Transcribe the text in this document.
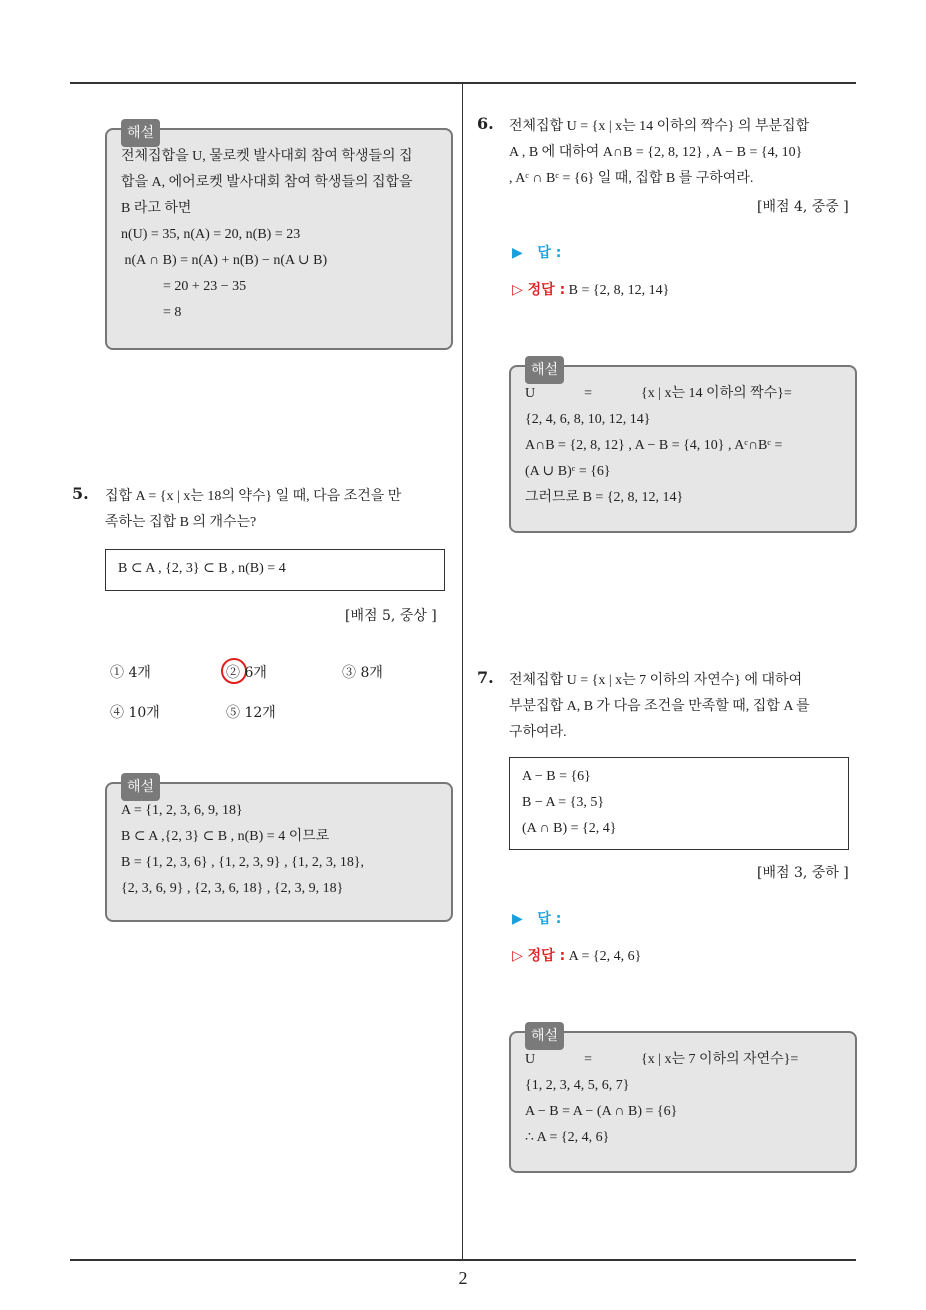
해설
전체집합을 U, 물로켓 발사대회 참여 학생들의 집
합을 A, 에어로켓 발사대회 참여 학생들의 집합을
B 라고 하면
n(U) = 35, n(A) = 20, n(B) = 23
n(A ∩ B) = n(A) + n(B) − n(A ∪ B)
= 20 + 23 − 35
= 8
5. 집합 A = {x | x는 18의 약수} 일 때, 다음 조건을 만
족하는 집합 B 의 개수는?
B ⊂ A , {2, 3} ⊂ B , n(B) = 4
[배점 5, 중상 ]
① 4개	② 6개	③ 8개
④ 10개	⑤ 12개
해설
A = {1, 2, 3, 6, 9, 18}
B ⊂ A ,{2, 3} ⊂ B , n(B) = 4 이므로
B = {1, 2, 3, 6} , {1, 2, 3, 9} , {1, 2, 3, 18},
{2, 3, 6, 9} , {2, 3, 6, 18} , {2, 3, 9, 18}
6. 전체집합 U = {x | x는 14 이하의 짝수} 의 부분집합
A , B 에 대하여 A∩B = {2, 8, 12} , A − B = {4, 10}
, Aᶜ ∩ Bᶜ = {6} 일 때, 집합 B 를 구하여라.
[배점 4, 중중 ]
▶   답 :
▷ 정답 : B = {2, 8, 12, 14}
해설
U              =              {x | x는 14 이하의 짝수}=
{2, 4, 6, 8, 10, 12, 14}
A∩B = {2, 8, 12} , A − B = {4, 10} , Aᶜ∩Bᶜ =
(A ∪ B)ᶜ = {6}
그러므로 B = {2, 8, 12, 14}
7. 전체집합 U = {x | x는 7 이하의 자연수} 에 대하여
부분집합 A, B 가 다음 조건을 만족할 때, 집합 A 를
구하여라.
A − B = {6}
B − A = {3, 5}
(A ∩ B) = {2, 4}
[배점 3, 중하 ]
▶   답 :
▷ 정답 : A = {2, 4, 6}
해설
U              =              {x | x는 7 이하의 자연수}=
{1, 2, 3, 4, 5, 6, 7}
A − B = A − (A ∩ B) = {6}
∴ A = {2, 4, 6}
2
